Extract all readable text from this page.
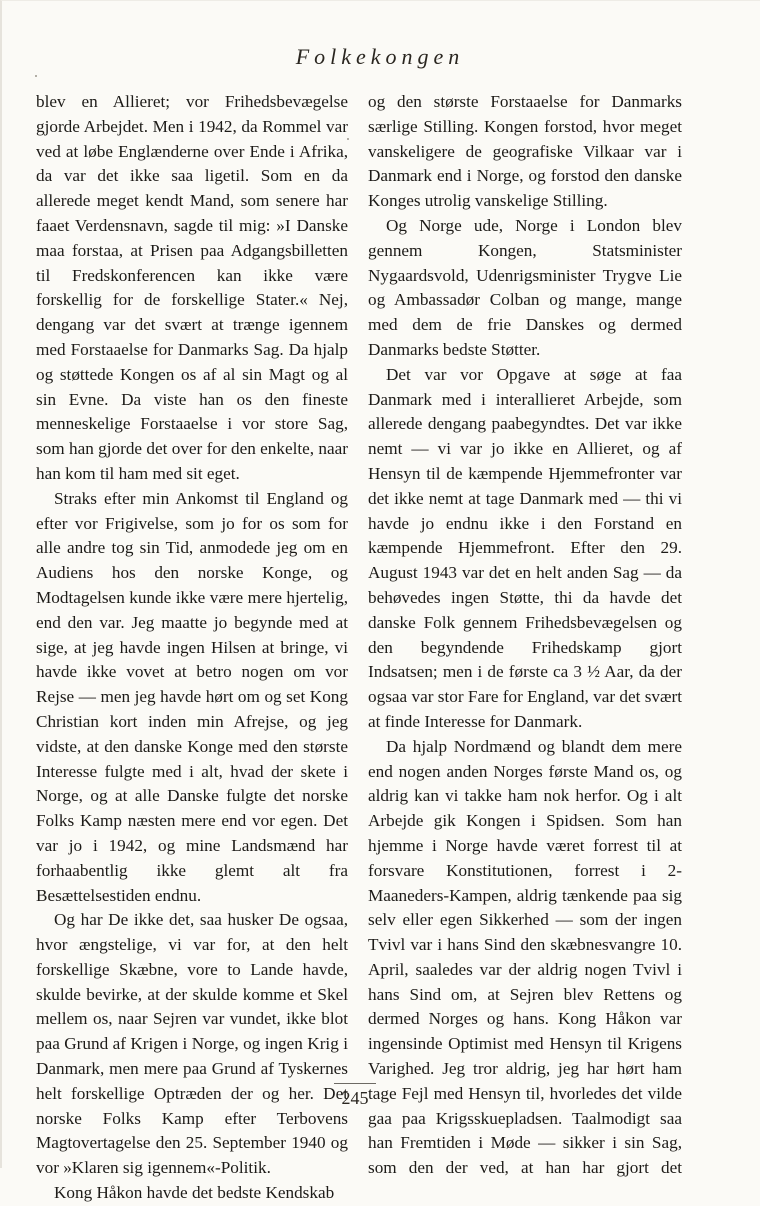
Folkekongen

blev en Allieret; vor Frihedsbevægelse gjorde Arbejdet. Men i 1942, da Rommel var ved at løbe Englænderne over Ende i Afrika, da var det ikke saa ligetil. Som en da allerede meget kendt Mand, som senere har faaet Verdensnavn, sagde til mig: »I Danske maa forstaa, at Prisen paa Adgangsbilletten til Fredskonferencen kan ikke være forskellig for de forskellige Stater.« Nej, dengang var det svært at trænge igennem med Forstaaelse for Danmarks Sag. Da hjalp og støttede Kongen os af al sin Magt og al sin Evne. Da viste han os den fineste menneskelige Forstaaelse i vor store Sag, som han gjorde det over for den enkelte, naar han kom til ham med sit eget.

Straks efter min Ankomst til England og efter vor Frigivelse, som jo for os som for alle andre tog sin Tid, anmodede jeg om en Audiens hos den norske Konge, og Modtagelsen kunde ikke være mere hjertelig, end den var. Jeg maatte jo begynde med at sige, at jeg havde ingen Hilsen at bringe, vi havde ikke vovet at betro nogen om vor Rejse — men jeg havde hørt om og set Kong Christian kort inden min Afrejse, og jeg vidste, at den danske Konge med den største Interesse fulgte med i alt, hvad der skete i Norge, og at alle Danske fulgte det norske Folks Kamp næsten mere end vor egen. Det var jo i 1942, og mine Landsmænd har forhaabentlig ikke glemt alt fra Besættelsestiden endnu.

Og har De ikke det, saa husker De ogsaa, hvor ængstelige, vi var for, at den helt forskellige Skæbne, vore to Lande havde, skulde bevirke, at der skulde komme et Skel mellem os, naar Sejren var vundet, ikke blot paa Grund af Krigen i Norge, og ingen Krig i Danmark, men mere paa Grund af Tyskernes helt forskellige Optræden der og her. Det norske Folks Kamp efter Terbovens Magtovertagelse den 25. September 1940 og vor »Klaren sig igennem«-Politik.

Kong Håkon havde det bedste Kendskab

og den største Forstaaelse for Danmarks særlige Stilling. Kongen forstod, hvor meget vanskeligere de geografiske Vilkaar var i Danmark end i Norge, og forstod den danske Konges utrolig vanskelige Stilling.

Og Norge ude, Norge i London blev gennem Kongen, Statsminister Nygaardsvold, Udenrigsminister Trygve Lie og Ambassadør Colban og mange, mange med dem de frie Danskes og dermed Danmarks bedste Støtter.

Det var vor Opgave at søge at faa Danmark med i interallieret Arbejde, som allerede dengang paabegyndtes. Det var ikke nemt — vi var jo ikke en Allieret, og af Hensyn til de kæmpende Hjemmefronter var det ikke nemt at tage Danmark med — thi vi havde jo endnu ikke i den Forstand en kæmpende Hjemmefront. Efter den 29. August 1943 var det en helt anden Sag — da behøvedes ingen Støtte, thi da havde det danske Folk gennem Frihedsbevægelsen og den begyndende Frihedskamp gjort Indsatsen; men i de første ca 3 ½ Aar, da der ogsaa var stor Fare for England, var det svært at finde Interesse for Danmark.

Da hjalp Nordmænd og blandt dem mere end nogen anden Norges første Mand os, og aldrig kan vi takke ham nok herfor. Og i alt Arbejde gik Kongen i Spidsen. Som han hjemme i Norge havde været forrest til at forsvare Konstitutionen, forrest i 2-Maaneders-Kampen, aldrig tænkende paa sig selv eller egen Sikkerhed — som der ingen Tvivl var i hans Sind den skæbnesvangre 10. April, saaledes var der aldrig nogen Tvivl i hans Sind om, at Sejren blev Rettens og dermed Norges og hans. Kong Håkon var ingensinde Optimist med Hensyn til Krigens Varighed. Jeg tror aldrig, jeg har hørt ham tage Fejl med Hensyn til, hvorledes det vilde gaa paa Krigsskuepladsen. Taalmodigt saa han Fremtiden i Møde — sikker i sin Sag, som den der ved, at han har gjort det

245
